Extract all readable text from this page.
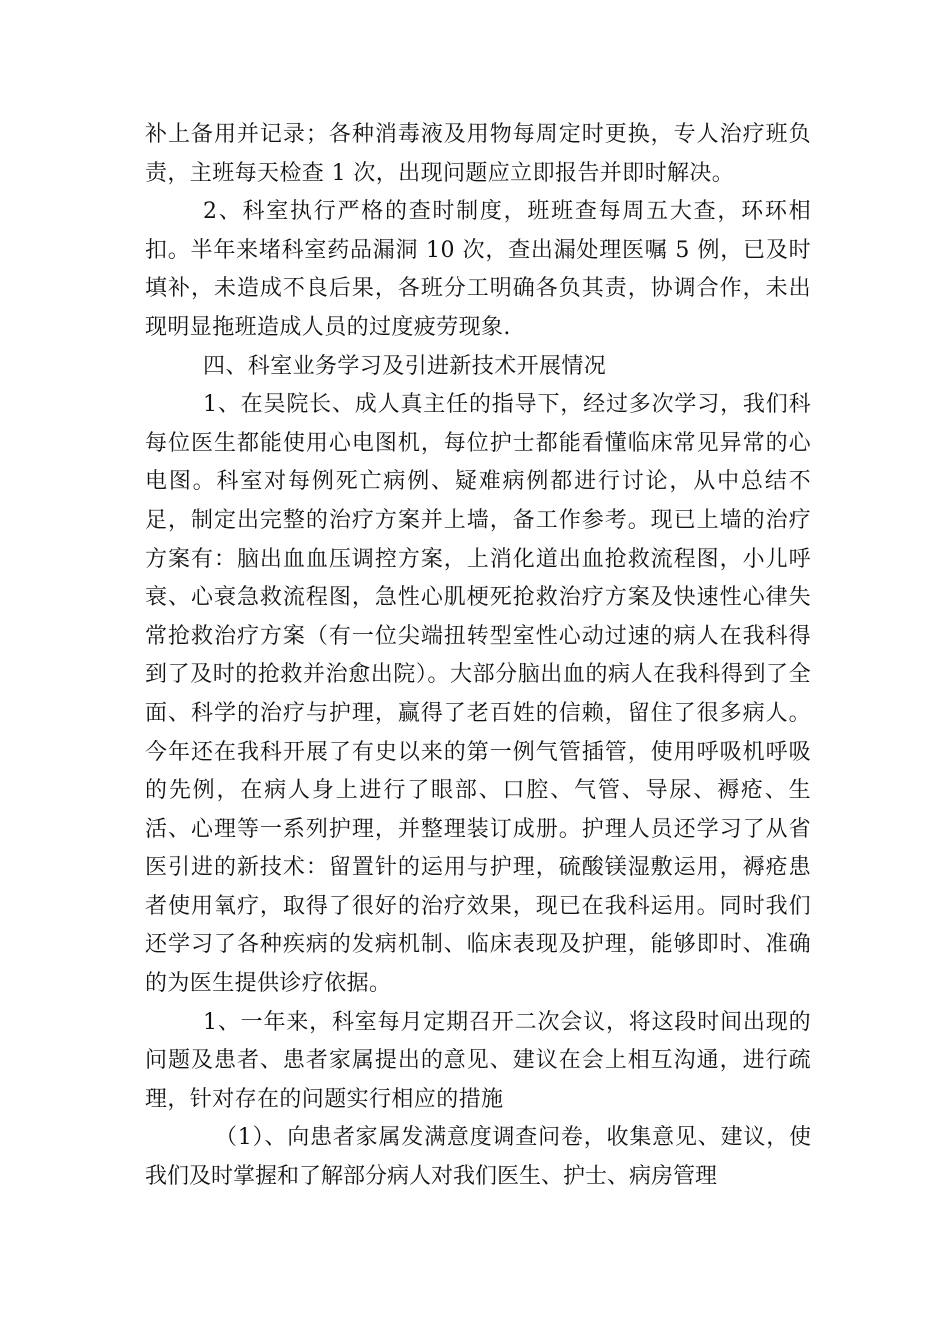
补上备用并记录；各种消毒液及用物每周定时更换，专人治疗班负责，主班每天检查 1 次，出现问题应立即报告并即时解决。

2、科室执行严格的查时制度，班班查每周五大查，环环相扣。半年来堵科室药品漏洞 10 次，查出漏处理医嘱 5 例，已及时填补，未造成不良后果，各班分工明确各负其责，协调合作，未出现明显拖班造成人员的过度疲劳现象.

四、科室业务学习及引进新技术开展情况

1、在吴院长、成人真主任的指导下，经过多次学习，我们科每位医生都能使用心电图机，每位护士都能看懂临床常见异常的心电图。科室对每例死亡病例、疑难病例都进行讨论，从中总结不足，制定出完整的治疗方案并上墙，备工作参考。现已上墙的治疗方案有：脑出血血压调控方案，上消化道出血抢救流程图，小儿呼衰、心衰急救流程图，急性心肌梗死抢救治疗方案及快速性心律失常抢救治疗方案（有一位尖端扭转型室性心动过速的病人在我科得到了及时的抢救并治愈出院）。大部分脑出血的病人在我科得到了全面、科学的治疗与护理，赢得了老百姓的信赖，留住了很多病人。今年还在我科开展了有史以来的第一例气管插管，使用呼吸机呼吸的先例，在病人身上进行了眼部、口腔、气管、导尿、褥疮、生活、心理等一系列护理，并整理装订成册。护理人员还学习了从省医引进的新技术：留置针的运用与护理，硫酸镁湿敷运用，褥疮患者使用氧疗，取得了很好的治疗效果，现已在我科运用。同时我们还学习了各种疾病的发病机制、临床表现及护理，能够即时、准确的为医生提供诊疗依据。

1、一年来，科室每月定期召开二次会议，将这段时间出现的问题及患者、患者家属提出的意见、建议在会上相互沟通，进行疏理，针对存在的问题实行相应的措施

（1）、向患者家属发满意度调查问卷，收集意见、建议，使我们及时掌握和了解部分病人对我们医生、护士、病房管理
